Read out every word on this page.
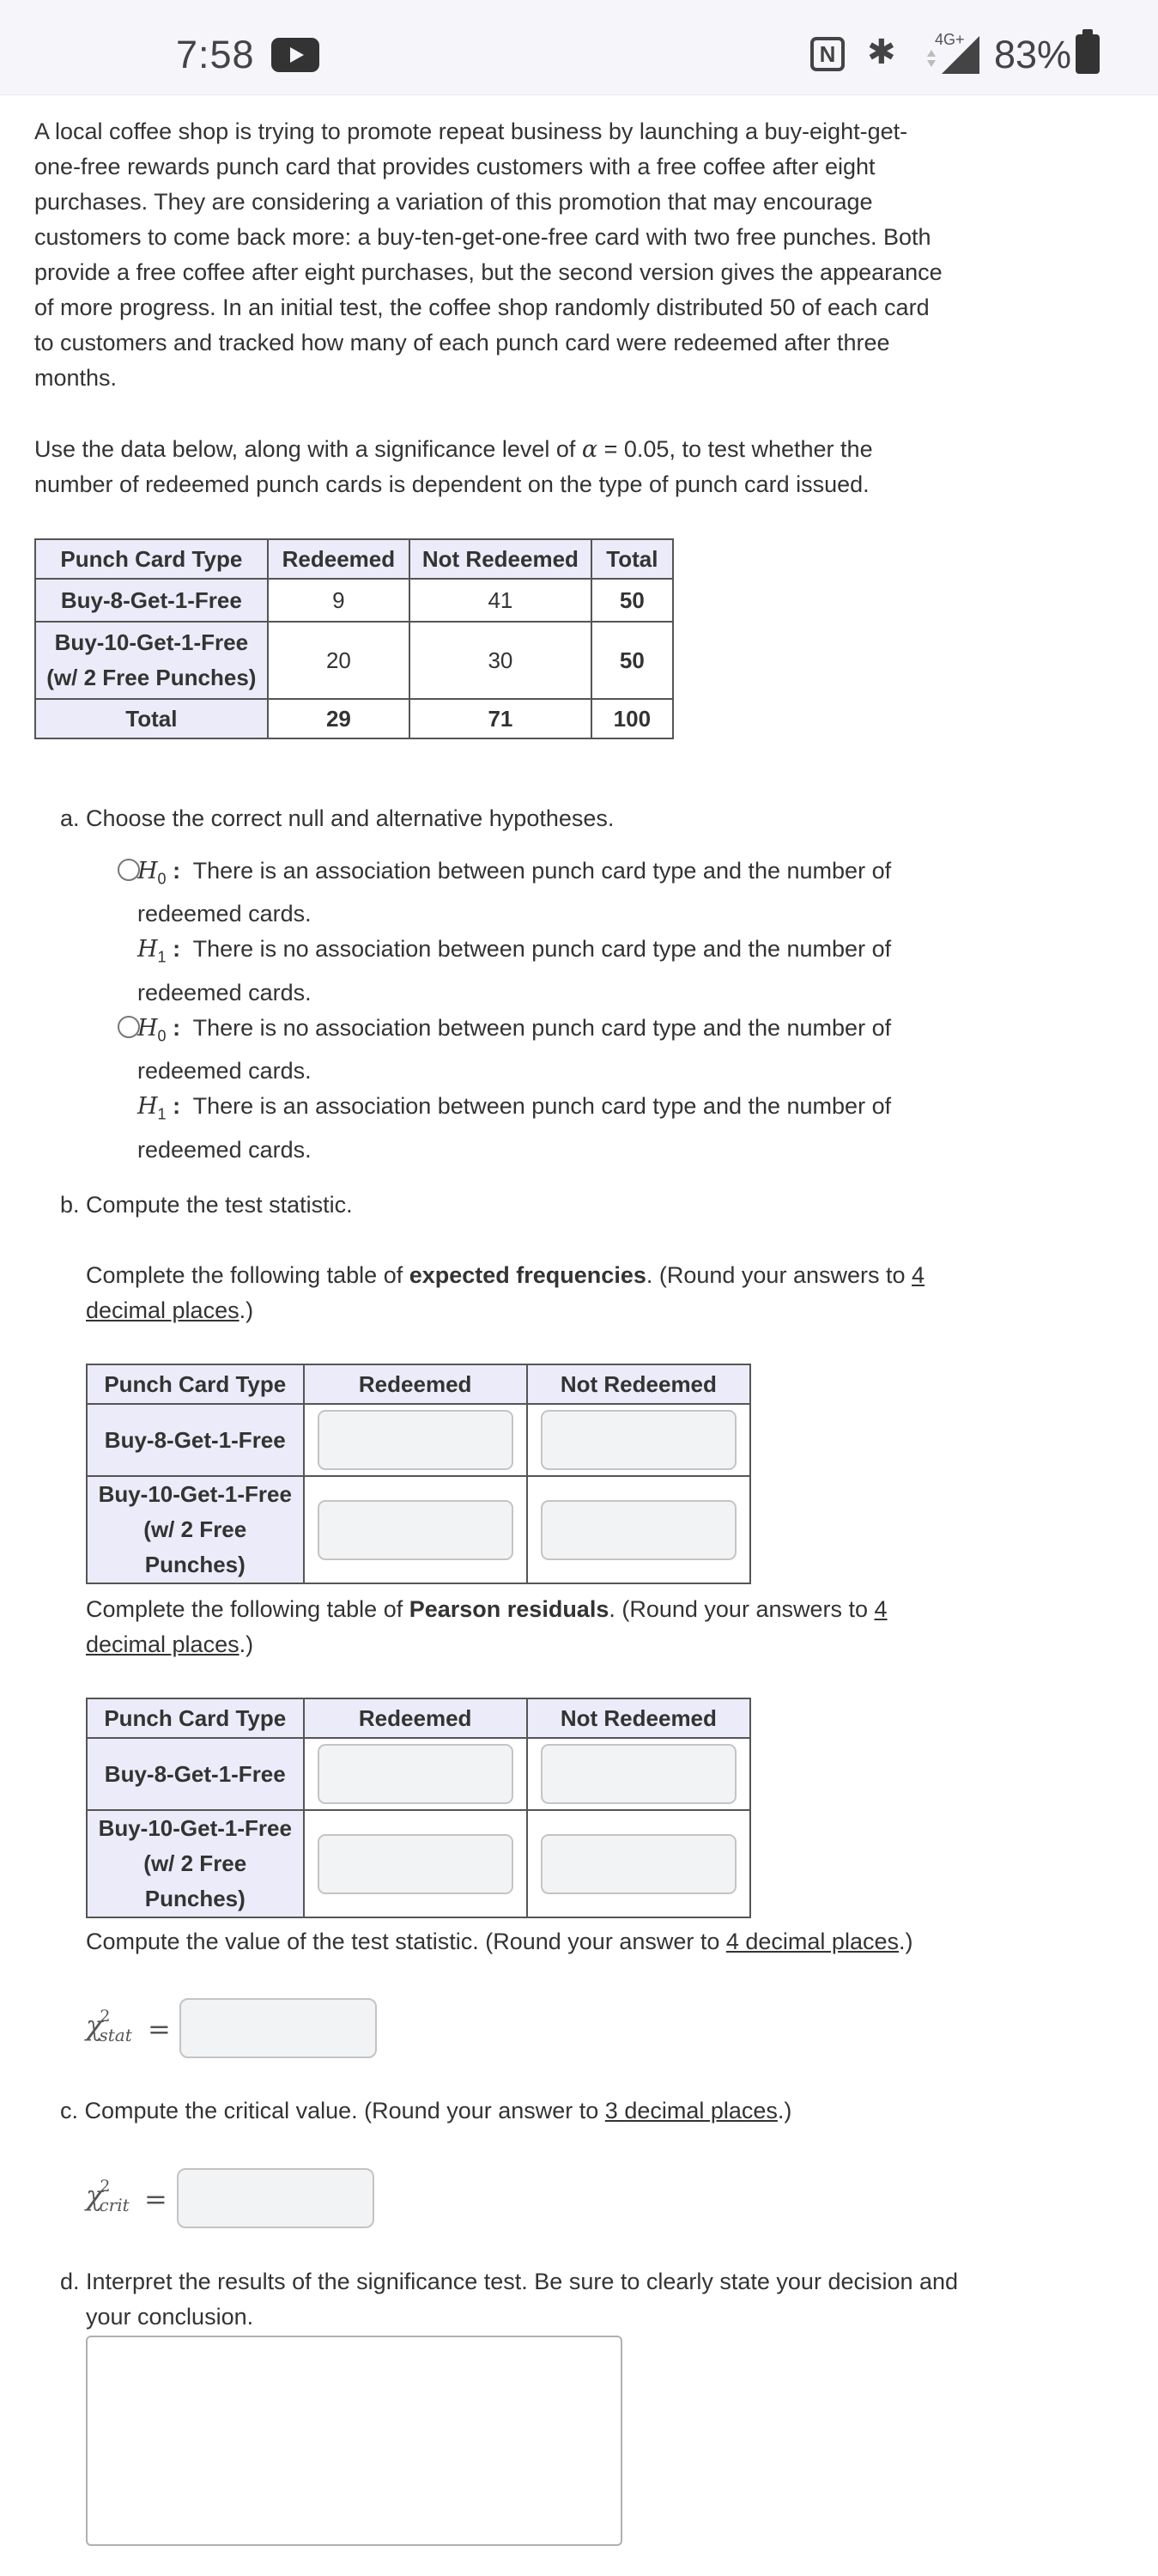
7:58	N ✱	4G+ 83%

A local coffee shop is trying to promote repeat business by launching a buy-eight-get-one-free rewards punch card that provides customers with a free coffee after eight purchases. They are considering a variation of this promotion that may encourage customers to come back more: a buy-ten-get-one-free card with two free punches. Both provide a free coffee after eight purchases, but the second version gives the appearance of more progress. In an initial test, the coffee shop randomly distributed 50 of each card to customers and tracked how many of each punch card were redeemed after three months.

Use the data below, along with a significance level of α = 0.05, to test whether the number of redeemed punch cards is dependent on the type of punch card issued.

Punch Card Type	Redeemed	Not Redeemed	Total
Buy-8-Get-1-Free	9	41	50
Buy-10-Get-1-Free
(w/ 2 Free Punches)	20	30	50
Total	29	71	100

a. Choose the correct null and alternative hypotheses.

$H_0$ : There is an association between punch card type and the number of redeemed cards.
$H_1$ : There is no association between punch card type and the number of redeemed cards.

$H_0$ : There is no association between punch card type and the number of redeemed cards.
$H_1$ : There is an association between punch card type and the number of redeemed cards.

b. Compute the test statistic.

Complete the following table of expected frequencies. (Round your answers to 4 decimal places.)

Punch Card Type	Redeemed	Not Redeemed
Buy-8-Get-1-Free	

Buy-10-Get-1-Free
(w/ 2 Free Punches)	

Complete the following table of Pearson residuals. (Round your answers to 4 decimal places.)

Punch Card Type	Redeemed	Not Redeemed
Buy-8-Get-1-Free	

Buy-10-Get-1-Free
(w/ 2 Free Punches)	

Compute the value of the test statistic. (Round your answer to 4 decimal places.)

$\chi^2_{stat}$ =

c. Compute the critical value. (Round your answer to 3 decimal places.)

$\chi^2_{crit}$ =

d. Interpret the results of the significance test. Be sure to clearly state your decision and your conclusion.
